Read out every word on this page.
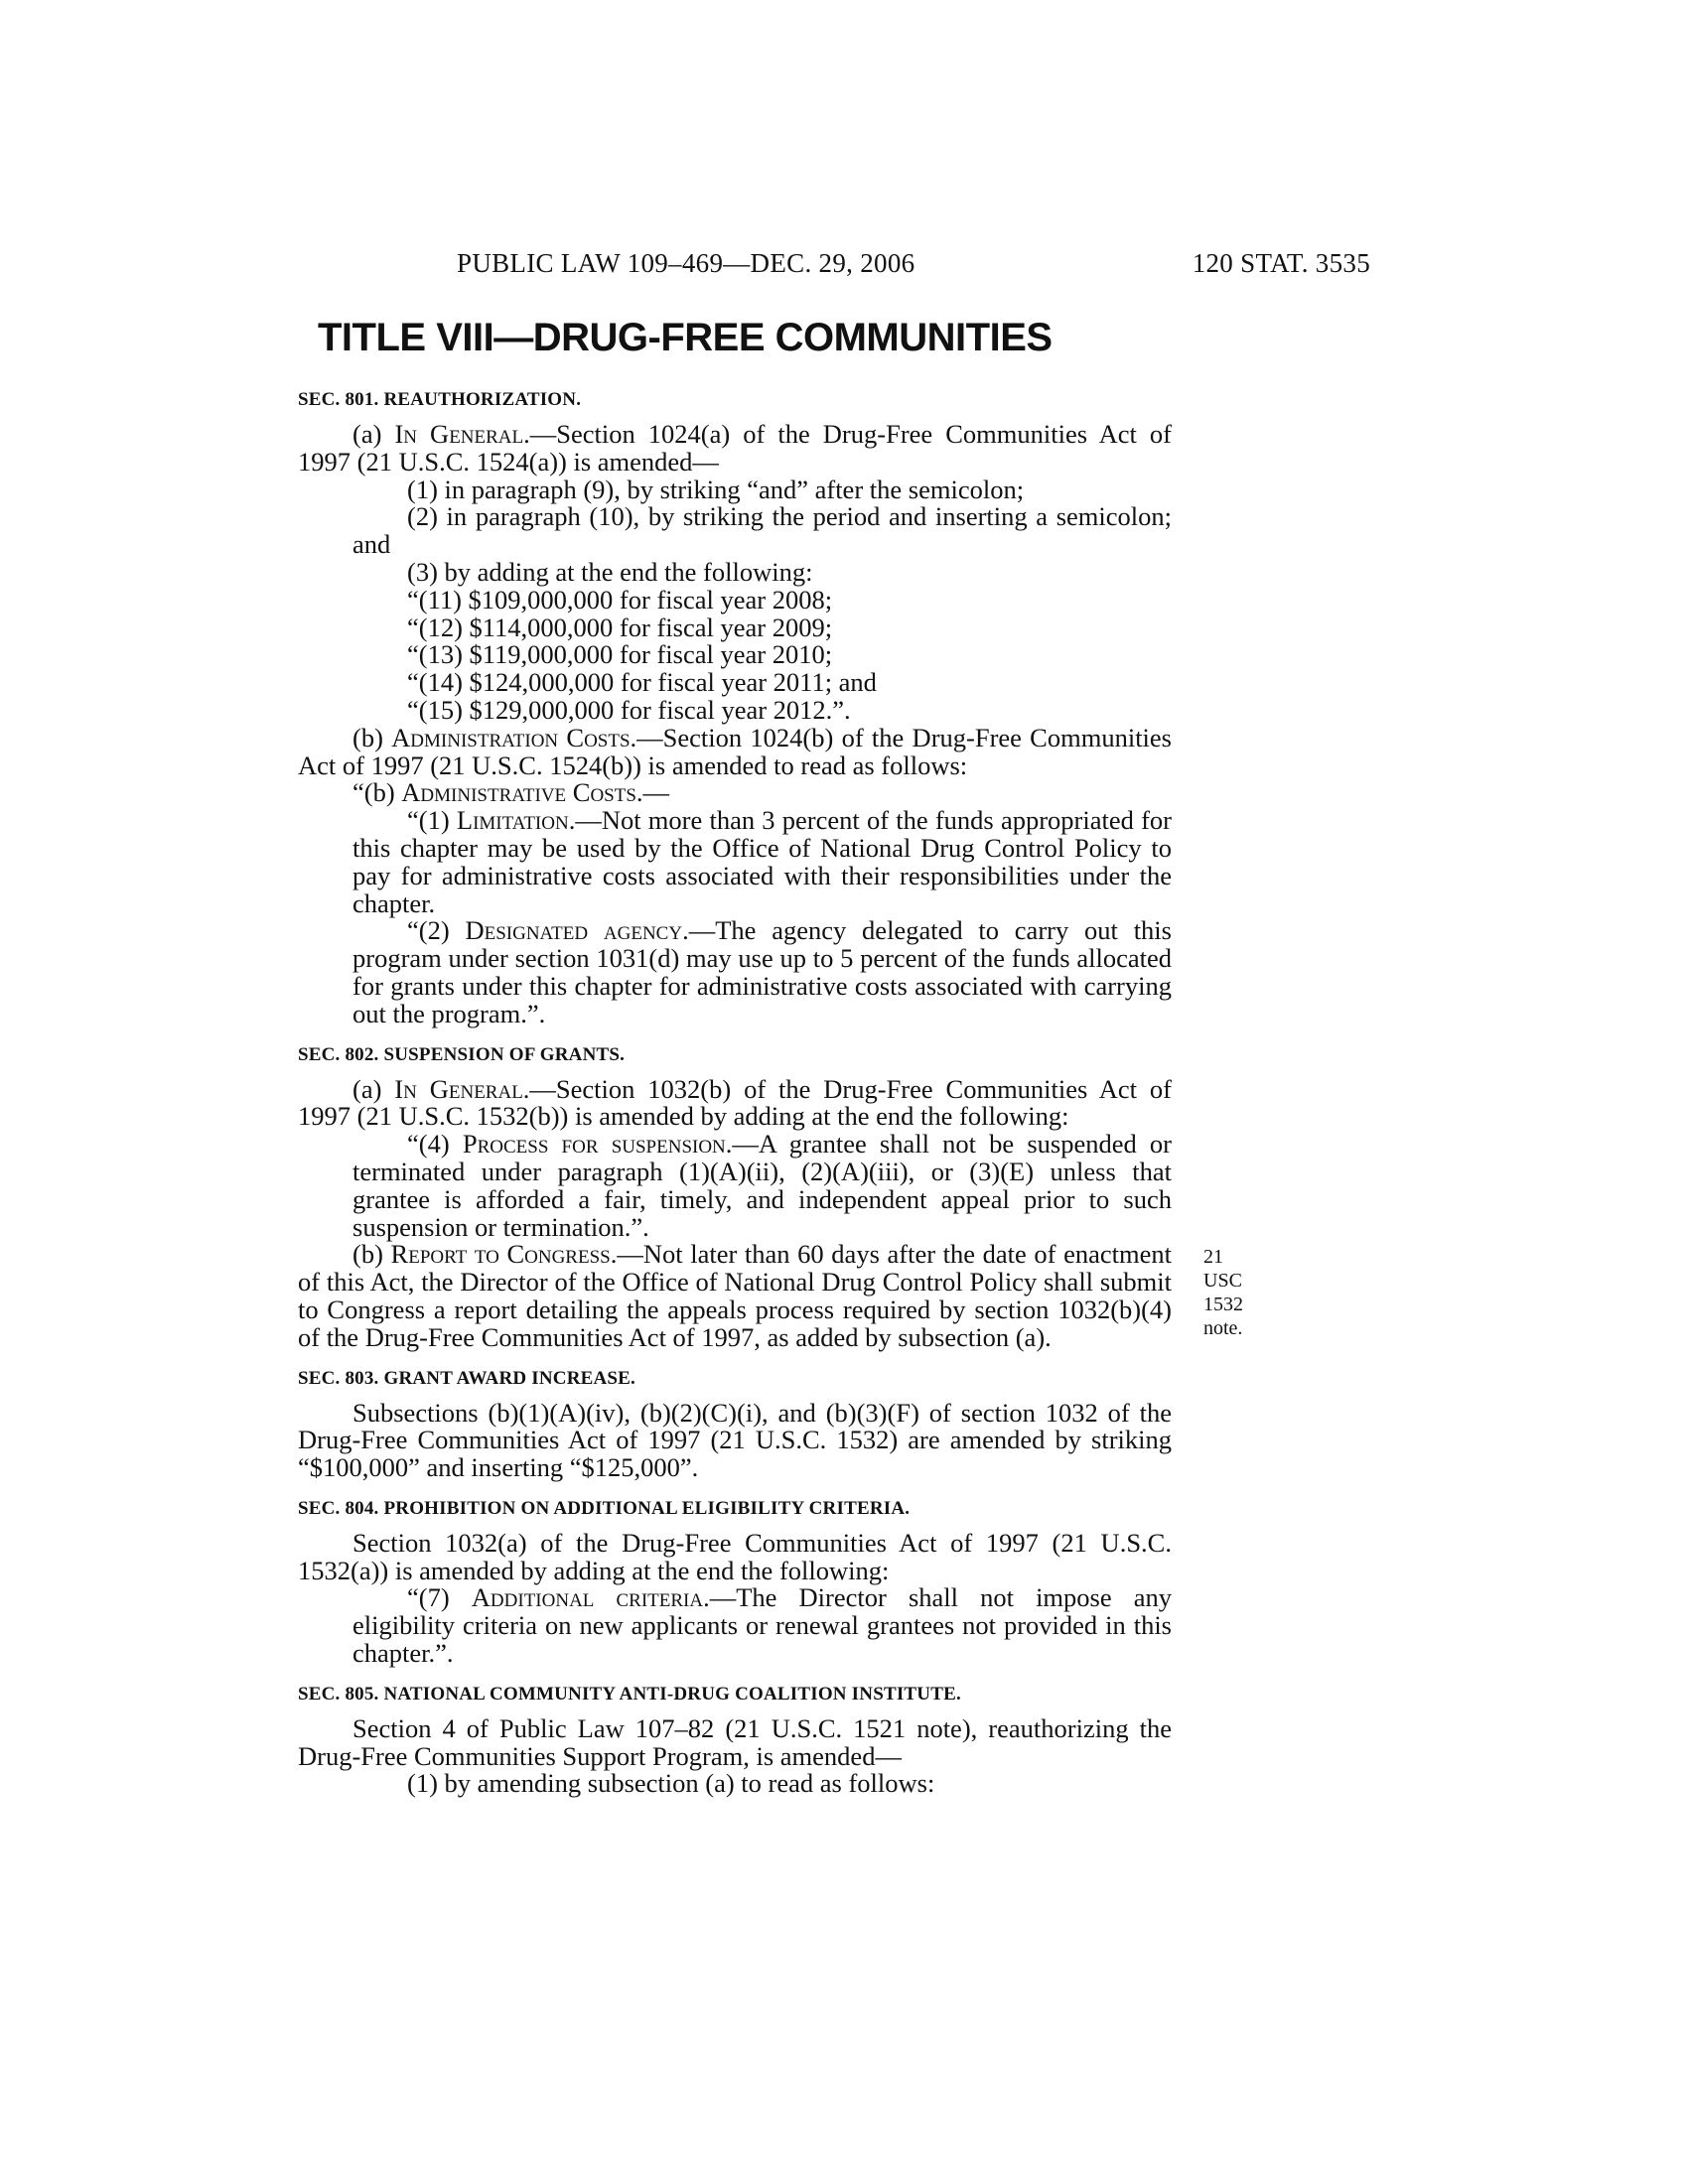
PUBLIC LAW 109–469—DEC. 29, 2006	120 STAT. 3535
TITLE VIII—DRUG-FREE COMMUNITIES
SEC. 801. REAUTHORIZATION.

(a) In General.—Section 1024(a) of the Drug-Free Communities Act of 1997 (21 U.S.C. 1524(a)) is amended—

(1) in paragraph (9), by striking “and” after the semicolon;

(2) in paragraph (10), by striking the period and inserting a semicolon; and

(3) by adding at the end the following:

“(11) $109,000,000 for fiscal year 2008;

“(12) $114,000,000 for fiscal year 2009;

“(13) $119,000,000 for fiscal year 2010;

“(14) $124,000,000 for fiscal year 2011; and

“(15) $129,000,000 for fiscal year 2012.”.

(b) Administration Costs.—Section 1024(b) of the Drug-Free Communities Act of 1997 (21 U.S.C. 1524(b)) is amended to read as follows:

“(b) Administrative Costs.—

“(1) Limitation.—Not more than 3 percent of the funds appropriated for this chapter may be used by the Office of National Drug Control Policy to pay for administrative costs associated with their responsibilities under the chapter.

“(2) Designated agency.—The agency delegated to carry out this program under section 1031(d) may use up to 5 percent of the funds allocated for grants under this chapter for administrative costs associated with carrying out the program.”.

SEC. 802. SUSPENSION OF GRANTS.

(a) In General.—Section 1032(b) of the Drug-Free Communities Act of 1997 (21 U.S.C. 1532(b)) is amended by adding at the end the following:

“(4) Process for suspension.—A grantee shall not be suspended or terminated under paragraph (1)(A)(ii), (2)(A)(iii), or (3)(E) unless that grantee is afforded a fair, timely, and independent appeal prior to such suspension or termination.”.

21 USC 1532
note.

(b) Report to Congress.—Not later than 60 days after the date of enactment of this Act, the Director of the Office of National Drug Control Policy shall submit to Congress a report detailing the appeals process required by section 1032(b)(4) of the Drug-Free Communities Act of 1997, as added by subsection (a).

SEC. 803. GRANT AWARD INCREASE.

Subsections (b)(1)(A)(iv), (b)(2)(C)(i), and (b)(3)(F) of section 1032 of the Drug-Free Communities Act of 1997 (21 U.S.C. 1532) are amended by striking “$100,000” and inserting “$125,000”.

SEC. 804. PROHIBITION ON ADDITIONAL ELIGIBILITY CRITERIA.

Section 1032(a) of the Drug-Free Communities Act of 1997 (21 U.S.C. 1532(a)) is amended by adding at the end the following:

“(7) Additional criteria.—The Director shall not impose any eligibility criteria on new applicants or renewal grantees not provided in this chapter.”.

SEC. 805. NATIONAL COMMUNITY ANTI-DRUG COALITION INSTITUTE.

Section 4 of Public Law 107–82 (21 U.S.C. 1521 note), reauthorizing the Drug-Free Communities Support Program, is amended—

(1) by amending subsection (a) to read as follows:
